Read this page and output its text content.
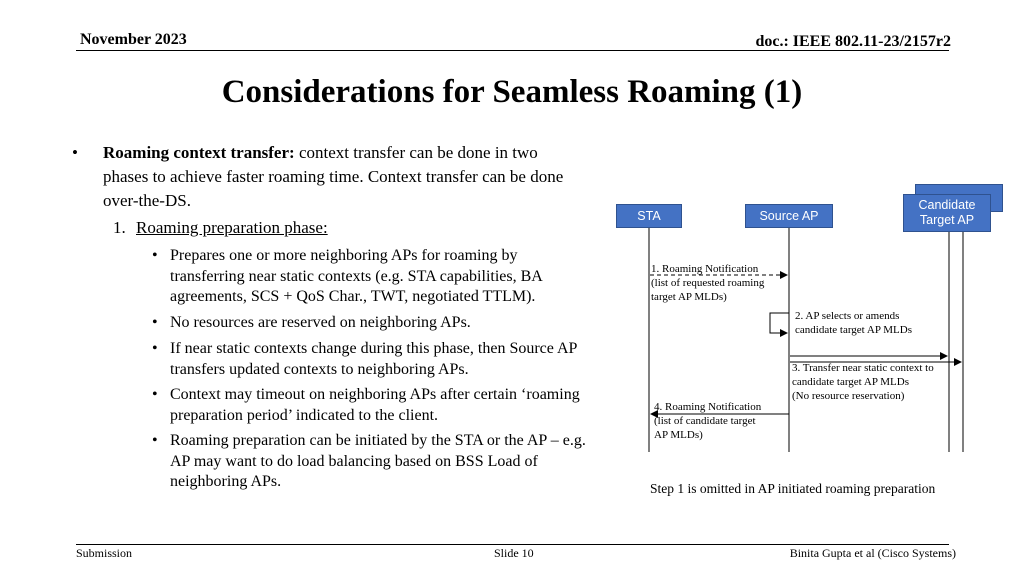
November 2023	doc.: IEEE 802.11-23/2157r2
Considerations for Seamless Roaming (1)
• Roaming context transfer: context transfer can be done in two phases to achieve faster roaming time. Context transfer can be done over-the-DS.
1. Roaming preparation phase:
• Prepares one or more neighboring APs for roaming by transferring near static contexts (e.g. STA capabilities, BA agreements, SCS + QoS Char., TWT, negotiated TTLM).
• No resources are reserved on neighboring APs.
• If near static contexts change during this phase, then Source AP transfers updated contexts to neighboring APs.
• Context may timeout on neighboring APs after certain ‘roaming preparation period’ indicated to the client.
• Roaming preparation can be initiated by the STA or the AP – e.g. AP may want to do load balancing based on BSS Load of neighboring APs.
STA	Source AP
Candidate Target AP
1. Roaming Notification
(list of requested roaming
target AP MLDs)
2. AP selects or amends
candidate target AP MLDs
3. Transfer near static context to
candidate target AP MLDs
(No resource reservation)
4. Roaming Notification
(list of candidate target
AP MLDs)
Step 1 is omitted in AP initiated roaming preparation
Submission	Slide 10	Binita Gupta et al (Cisco Systems)
